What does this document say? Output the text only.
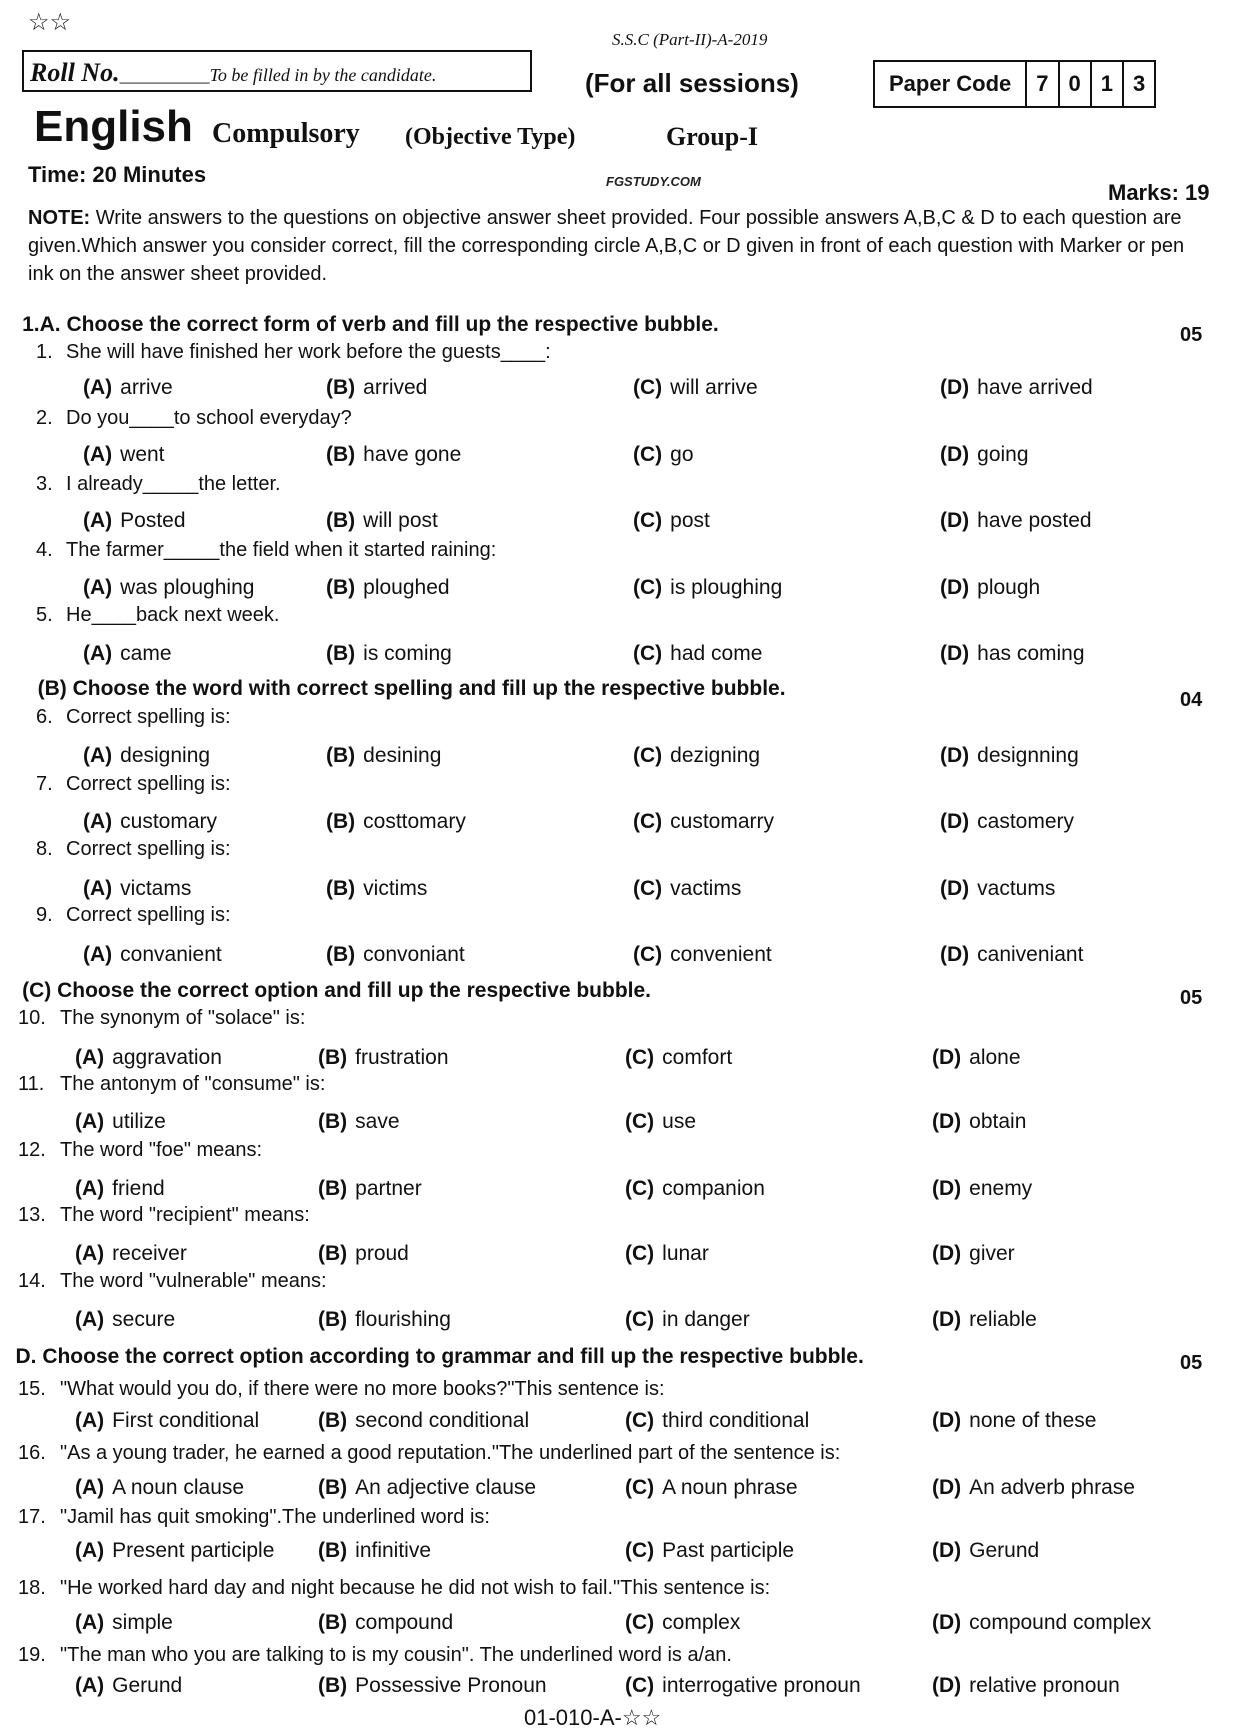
☆☆
S.S.C (Part-II)-A-2019
Roll No.__________To be filled in by the candidate.	(For all sessions)	Paper Code	7 0 1 3
English Compulsory (Objective Type)	Group-I
Time: 20 Minutes	FGSTUDY.COM	Marks: 19
NOTE: Write answers to the questions on objective answer sheet provided. Four possible answers A,B,C & D to each question are given.Which answer you consider correct, fill the corresponding circle A,B,C or D given in front of each question with Marker or pen ink on the answer sheet provided.
1.A. Choose the correct form of verb and fill up the respective bubble.	05
(B) Choose the word with correct spelling and fill up the respective bubble.	04
(C) Choose the correct option and fill up the respective bubble.	05
D. Choose the correct option according to grammar and fill up the respective bubble.	05
1. She will have finished her work before the guests____:
(A) arrive	(B) arrived	(C) will arrive	(D) have arrived
2. Do you____to school everyday?
(A) went	(B) have gone	(C) go	(D) going
3. I already_____the letter.
(A) Posted	(B) will post	(C) post	(D) have posted
4. The farmer_____the field when it started raining:
(A) was ploughing	(B) ploughed	(C) is ploughing	(D) plough
5. He____back next week.
(A) came	(B) is coming	(C) had come	(D) has coming
6. Correct spelling is:
(A) designing	(B) desining	(C) dezigning	(D) designning
7. Correct spelling is:
(A) customary	(B) costtomary	(C) customarry	(D) castomery
8. Correct spelling is:
(A) victams	(B) victims	(C) vactims	(D) vactums
9. Correct spelling is:
(A) convanient	(B) convoniant	(C) convenient	(D) caniveniant
10. The synonym of "solace" is:
(A) aggravation	(B) frustration	(C) comfort	(D) alone
11. The antonym of "consume" is:
(A) utilize	(B) save	(C) use	(D) obtain
12. The word "foe" means:
(A) friend	(B) partner	(C) companion	(D) enemy
13. The word "recipient" means:
(A) receiver	(B) proud	(C) lunar	(D) giver
14. The word "vulnerable" means:
(A) secure	(B) flourishing	(C) in danger	(D) reliable
15. "What would you do, if there were no more books?"This sentence is:
(A) First conditional	(B) second conditional	(C) third conditional	(D) none of these
16. "As a young trader, he earned a good reputation."The underlined part of the sentence is:
(A) A noun clause	(B) An adjective clause	(C) A noun phrase	(D) An adverb phrase
17. "Jamil has quit smoking".The underlined word is:
(A) Present participle (B) infinitive	(C) Past participle	(D) Gerund
18. "He worked hard day and night because he did not wish to fail."This sentence is:
(A) simple	(B) compound	(C) complex	(D) compound complex
19. "The man who you are talking to is my cousin". The underlined word is a/an.
(A) Gerund	(B) Possessive Pronoun	(C) interrogative pronoun	(D) relative pronoun
01-010-A-☆☆
